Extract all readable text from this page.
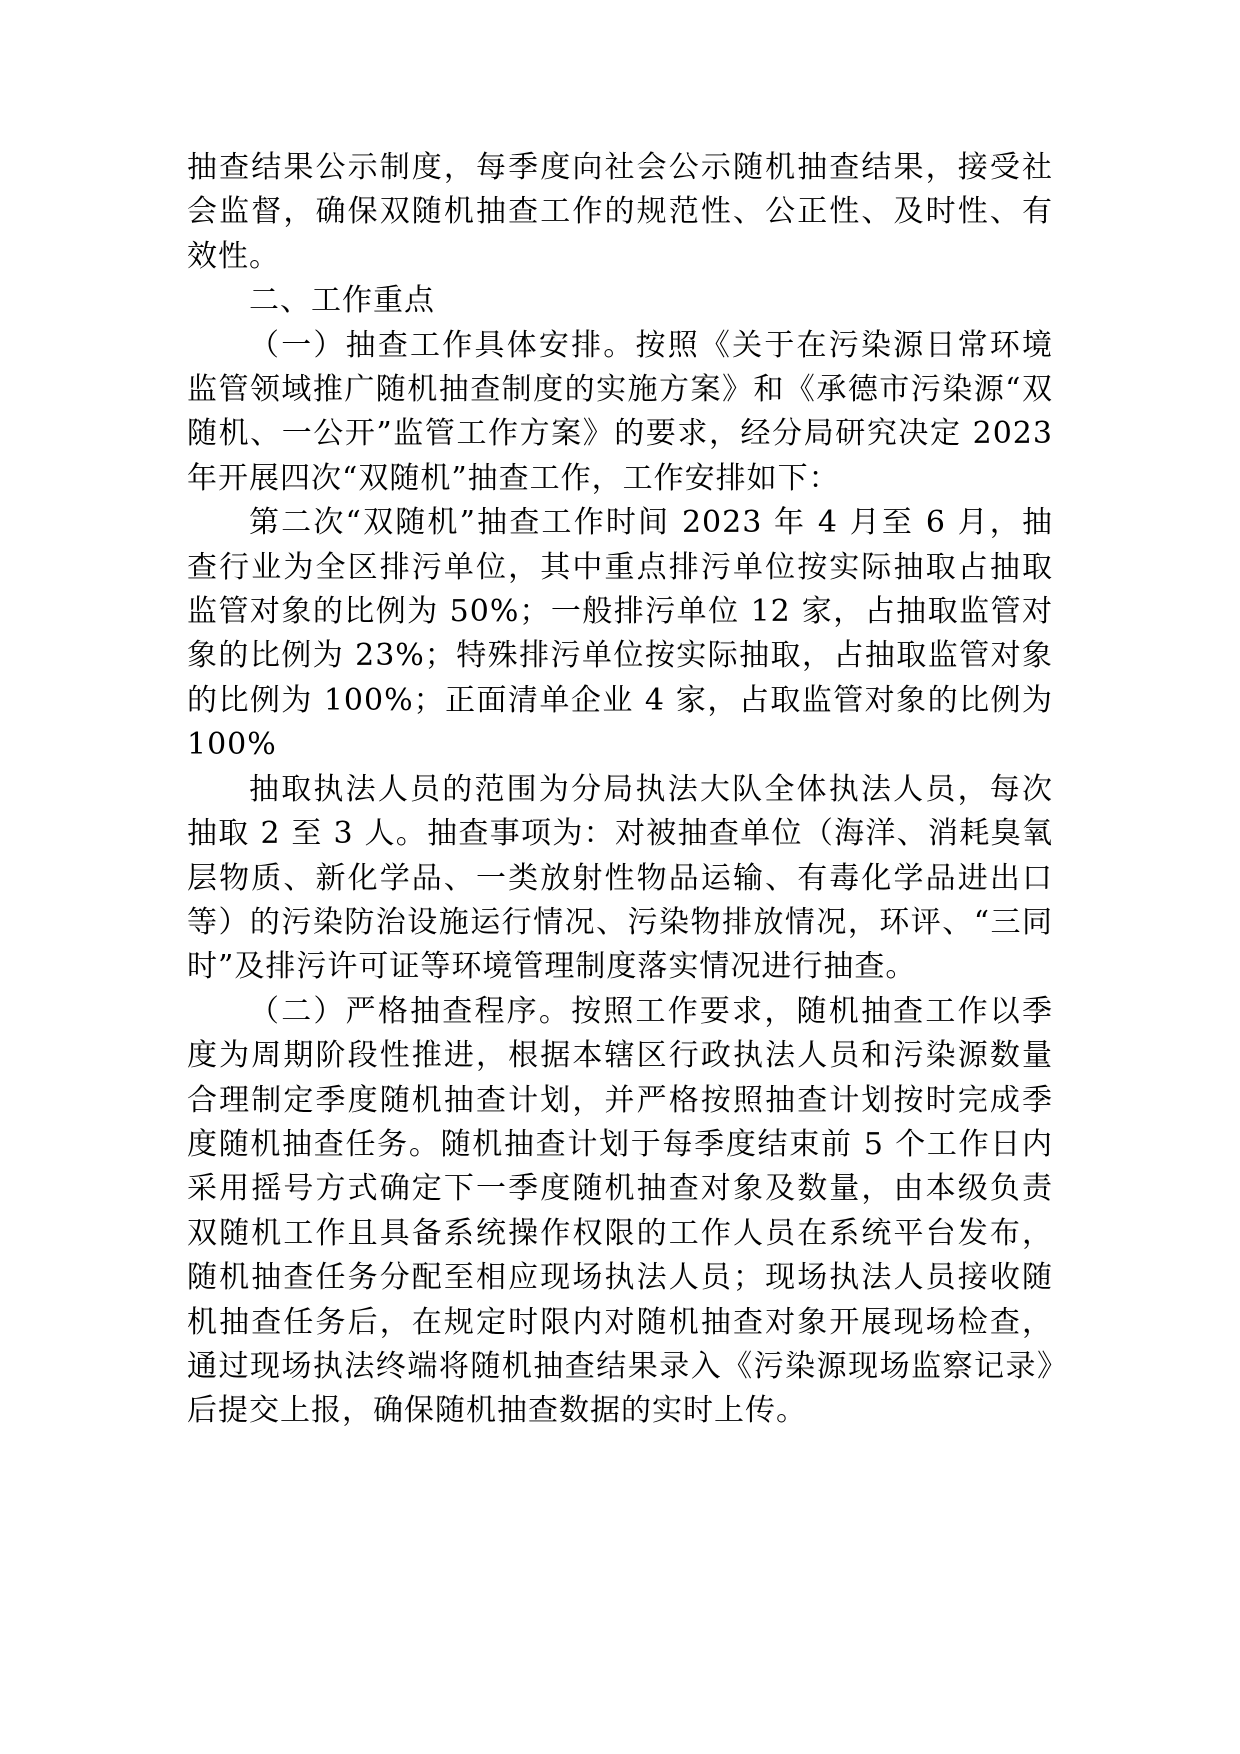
抽查结果公示制度，每季度向社会公示随机抽查结果，接受社会监督，确保双随机抽查工作的规范性、公正性、及时性、有效性。

二、工作重点

（一）抽查工作具体安排。按照《关于在污染源日常环境监管领域推广随机抽查制度的实施方案》和《承德市污染源“双随机、一公开”监管工作方案》的要求，经分局研究决定 2023 年开展四次“双随机”抽查工作，工作安排如下：

第二次“双随机”抽查工作时间 2023 年 4 月至 6 月，抽查行业为全区排污单位，其中重点排污单位按实际抽取占抽取监管对象的比例为 50%；一般排污单位 12 家，占抽取监管对象的比例为 23%；特殊排污单位按实际抽取，占抽取监管对象的比例为 100%；正面清单企业 4 家，占取监管对象的比例为 100%

抽取执法人员的范围为分局执法大队全体执法人员，每次抽取 2 至 3 人。抽查事项为：对被抽查单位（海洋、消耗臭氧层物质、新化学品、一类放射性物品运输、有毒化学品进出口等）的污染防治设施运行情况、污染物排放情况，环评、“三同时”及排污许可证等环境管理制度落实情况进行抽查。

（二）严格抽查程序。按照工作要求，随机抽查工作以季度为周期阶段性推进，根据本辖区行政执法人员和污染源数量合理制定季度随机抽查计划，并严格按照抽查计划按时完成季度随机抽查任务。随机抽查计划于每季度结束前 5 个工作日内采用摇号方式确定下一季度随机抽查对象及数量，由本级负责双随机工作且具备系统操作权限的工作人员在系统平台发布，随机抽查任务分配至相应现场执法人员；现场执法人员接收随机抽查任务后，在规定时限内对随机抽查对象开展现场检查，通过现场执法终端将随机抽查结果录入《污染源现场监察记录》后提交上报，确保随机抽查数据的实时上传。
